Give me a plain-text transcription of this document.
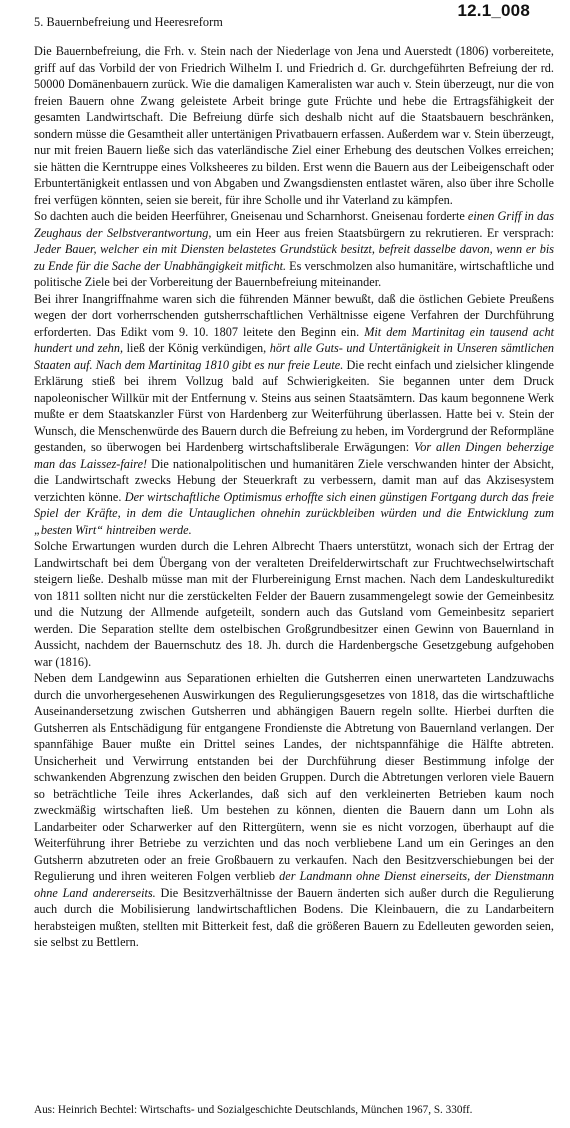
12.1_008
5. Bauernbefreiung und Heeresreform

Die Bauernbefreiung, die Frh. v. Stein nach der Niederlage von Jena und Auerstedt (1806) vorbereitete, griff auf das Vorbild der von Friedrich Wilhelm I. und Friedrich d. Gr. durchgeführten Befreiung der rd. 50000 Domänenbauern zurück. Wie die damaligen Kameralisten war auch v. Stein überzeugt, nur die von freien Bauern ohne Zwang geleistete Arbeit bringe gute Früchte und hebe die Ertragsfähigkeit der gesamten Landwirtschaft. Die Befreiung dürfe sich deshalb nicht auf die Staatsbauern beschränken, sondern müsse die Gesamtheit aller untertänigen Privatbauern erfassen. Außerdem war v. Stein überzeugt, nur mit freien Bauern ließe sich das vaterländische Ziel einer Erhebung des deutschen Volkes erreichen; sie hätten die Kerntruppe eines Volksheeres zu bilden. Erst wenn die Bauern aus der Leibeigenschaft oder Erbuntertänigkeit entlassen und von Abgaben und Zwangsdiensten entlastet wären, also über ihre Scholle frei verfügen könnten, seien sie bereit, für ihre Scholle und ihr Vaterland zu kämpfen.

So dachten auch die beiden Heerführer, Gneisenau und Scharnhorst. Gneisenau forderte einen Griff in das Zeughaus der Selbstverantwortung, um ein Heer aus freien Staatsbürgern zu rekrutieren. Er versprach: Jeder Bauer, welcher ein mit Diensten belastetes Grundstück besitzt, befreit dasselbe davon, wenn er bis zu Ende für die Sache der Unabhängigkeit mitficht. Es verschmolzen also humanitäre, wirtschaftliche und politische Ziele bei der Vorbereitung der Bauernbefreiung miteinander.

Bei ihrer Inangriffnahme waren sich die führenden Männer bewußt, daß die östlichen Gebiete Preußens wegen der dort vorherrschenden gutsherrschaftlichen Verhältnisse eigene Verfahren der Durchführung erforderten. Das Edikt vom 9. 10. 1807 leitete den Beginn ein. Mit dem Martinitag ein tausend acht hundert und zehn, ließ der König verkündigen, hört alle Guts- und Untertänigkeit in Unseren sämtlichen Staaten auf. Nach dem Martinitag 1810 gibt es nur freie Leute. Die recht einfach und zielsicher klingende Erklärung stieß bei ihrem Vollzug bald auf Schwierigkeiten. Sie begannen unter dem Druck napoleonischer Willkür mit der Entfernung v. Steins aus seinen Staatsämtern. Das kaum begonnene Werk mußte er dem Staatskanzler Fürst von Hardenberg zur Weiterführung überlassen. Hatte bei v. Stein der Wunsch, die Menschenwürde des Bauern durch die Befreiung zu heben, im Vordergrund der Reformpläne gestanden, so überwogen bei Hardenberg wirtschaftsliberale Erwägungen: Vor allen Dingen beherzige man das Laissez-faire! Die nationalpolitischen und humanitären Ziele verschwanden hinter der Absicht, die Landwirtschaft zwecks Hebung der Steuerkraft zu verbessern, damit man auf das Akzisesystem verzichten könne. Der wirtschaftliche Optimismus erhoffte sich einen günstigen Fortgang durch das freie Spiel der Kräfte, in dem die Untauglichen ohnehin zurückbleiben würden und die Entwicklung zum „besten Wirt“ hintreiben werde.

Solche Erwartungen wurden durch die Lehren Albrecht Thaers unterstützt, wonach sich der Ertrag der Landwirtschaft bei dem Übergang von der veralteten Dreifelderwirtschaft zur Fruchtwechselwirtschaft steigern ließe. Deshalb müsse man mit der Flurbereinigung Ernst machen. Nach dem Landeskulturedikt von 1811 sollten nicht nur die zerstückelten Felder der Bauern zusammengelegt sowie der Gemeinbesitz und die Nutzung der Allmende aufgeteilt, sondern auch das Gutsland vom Gemeinbesitz separiert werden. Die Separation stellte dem ostelbischen Großgrundbesitzer einen Gewinn von Bauernland in Aussicht, nachdem der Bauernschutz des 18. Jh. durch die Hardenbergsche Gesetzgebung aufgehoben war (1816).

Neben dem Landgewinn aus Separationen erhielten die Gutsherren einen unerwarteten Landzuwachs durch die unvorhergesehenen Auswirkungen des Regulierungsgesetzes von 1818, das die wirtschaftliche Auseinandersetzung zwischen Gutsherren und abhängigen Bauern regeln sollte. Hierbei durften die Gutsherren als Entschädigung für entgangene Frondienste die Abtretung von Bauernland verlangen. Der spannfähige Bauer mußte ein Drittel seines Landes, der nichtspannfähige die Hälfte abtreten. Unsicherheit und Verwirrung entstanden bei der Durchführung dieser Bestimmung infolge der schwankenden Abgrenzung zwischen den beiden Gruppen. Durch die Abtretungen verloren viele Bauern so beträchtliche Teile ihres Ackerlandes, daß sich auf den verkleinerten Betrieben kaum noch zweckmäßig wirtschaften ließ. Um bestehen zu können, dienten die Bauern dann um Lohn als Landarbeiter oder Scharwerker auf den Rittergütern, wenn sie es nicht vorzogen, überhaupt auf die Weiterführung ihrer Betriebe zu verzichten und das noch verbliebene Land um ein Geringes an den Gutsherrn abzutreten oder an freie Großbauern zu verkaufen. Nach den Besitzverschiebungen bei der Regulierung und ihren weiteren Folgen verblieb der Landmann ohne Dienst einerseits, der Dienstmann ohne Land andererseits. Die Besitzverhältnisse der Bauern änderten sich außer durch die Regulierung auch durch die Mobilisierung landwirtschaftlichen Bodens. Die Kleinbauern, die zu Landarbeitern herabsteigen mußten, stellten mit Bitterkeit fest, daß die größeren Bauern zu Edelleuten geworden seien, sie selbst zu Bettlern.

Aus: Heinrich Bechtel: Wirtschafts- und Sozialgeschichte Deutschlands, München 1967, S. 330ff.
